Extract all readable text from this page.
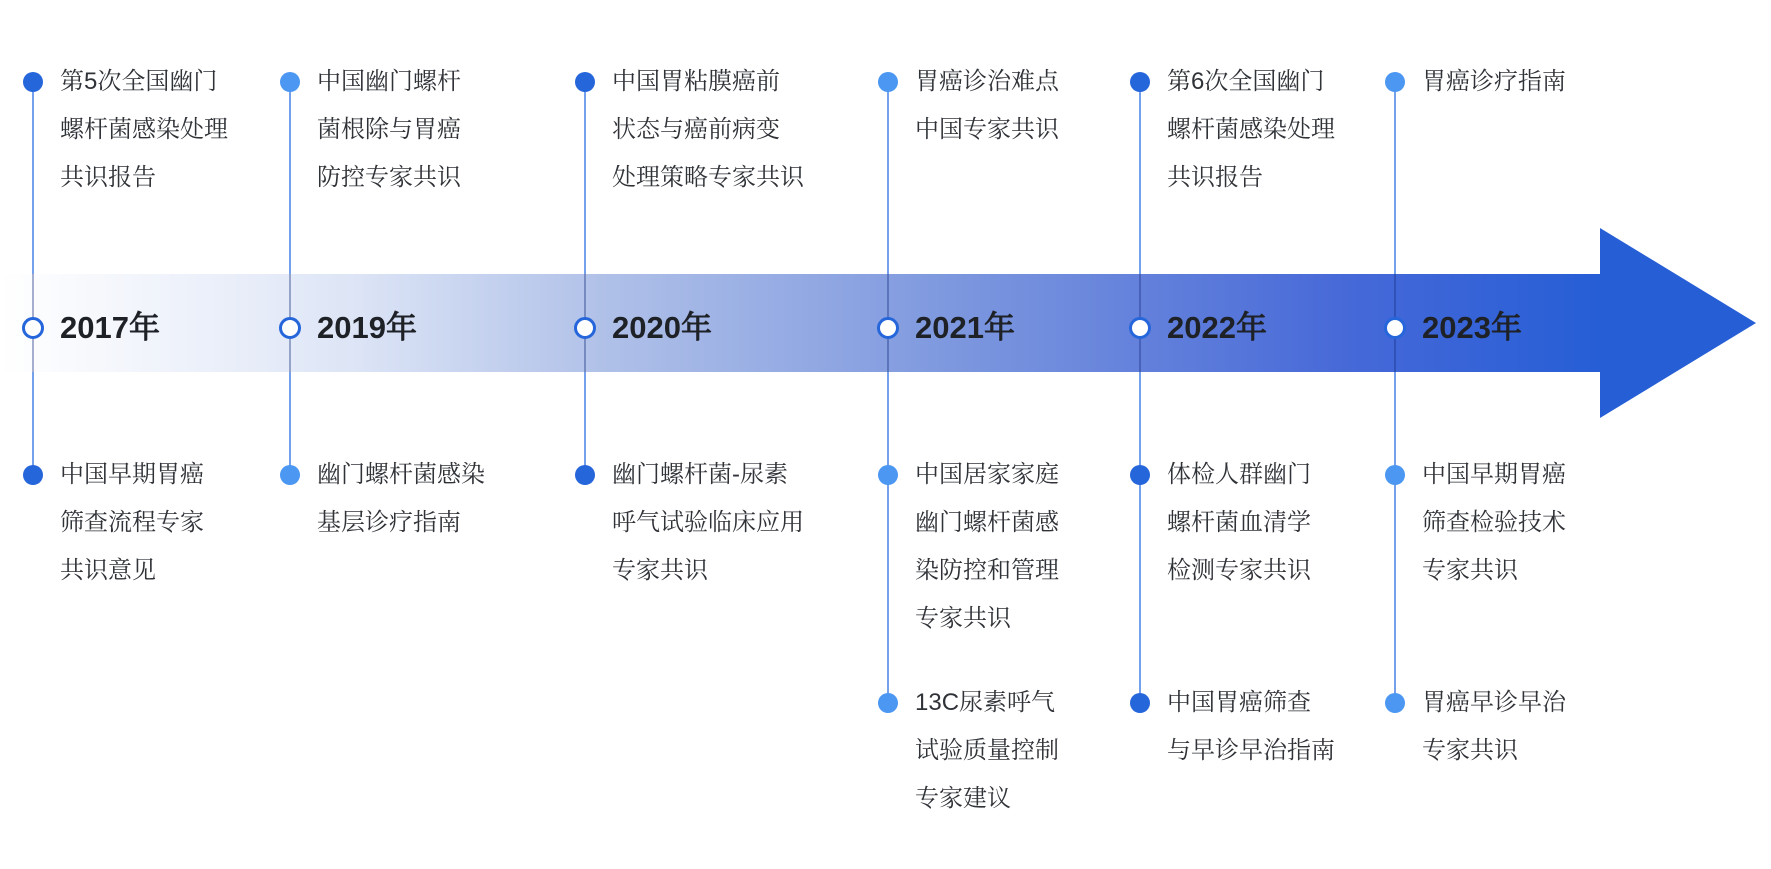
第5次全国幽门
螺杆菌感染处理
共识报告
2017年
中国早期胃癌
筛查流程专家
共识意见
中国幽门螺杆
菌根除与胃癌
防控专家共识
2019年
幽门螺杆菌感染
基层诊疗指南
中国胃粘膜癌前
状态与癌前病变
处理策略专家共识
2020年
幽门螺杆菌-尿素
呼气试验临床应用
专家共识
胃癌诊治难点
中国专家共识
2021年
中国居家家庭
幽门螺杆菌感
染防控和管理
专家共识
13C尿素呼气
试验质量控制
专家建议
第6次全国幽门
螺杆菌感染处理
共识报告
2022年
体检人群幽门
螺杆菌血清学
检测专家共识
中国胃癌筛查
与早诊早治指南
胃癌诊疗指南
2023年
中国早期胃癌
筛查检验技术
专家共识
胃癌早诊早治
专家共识
